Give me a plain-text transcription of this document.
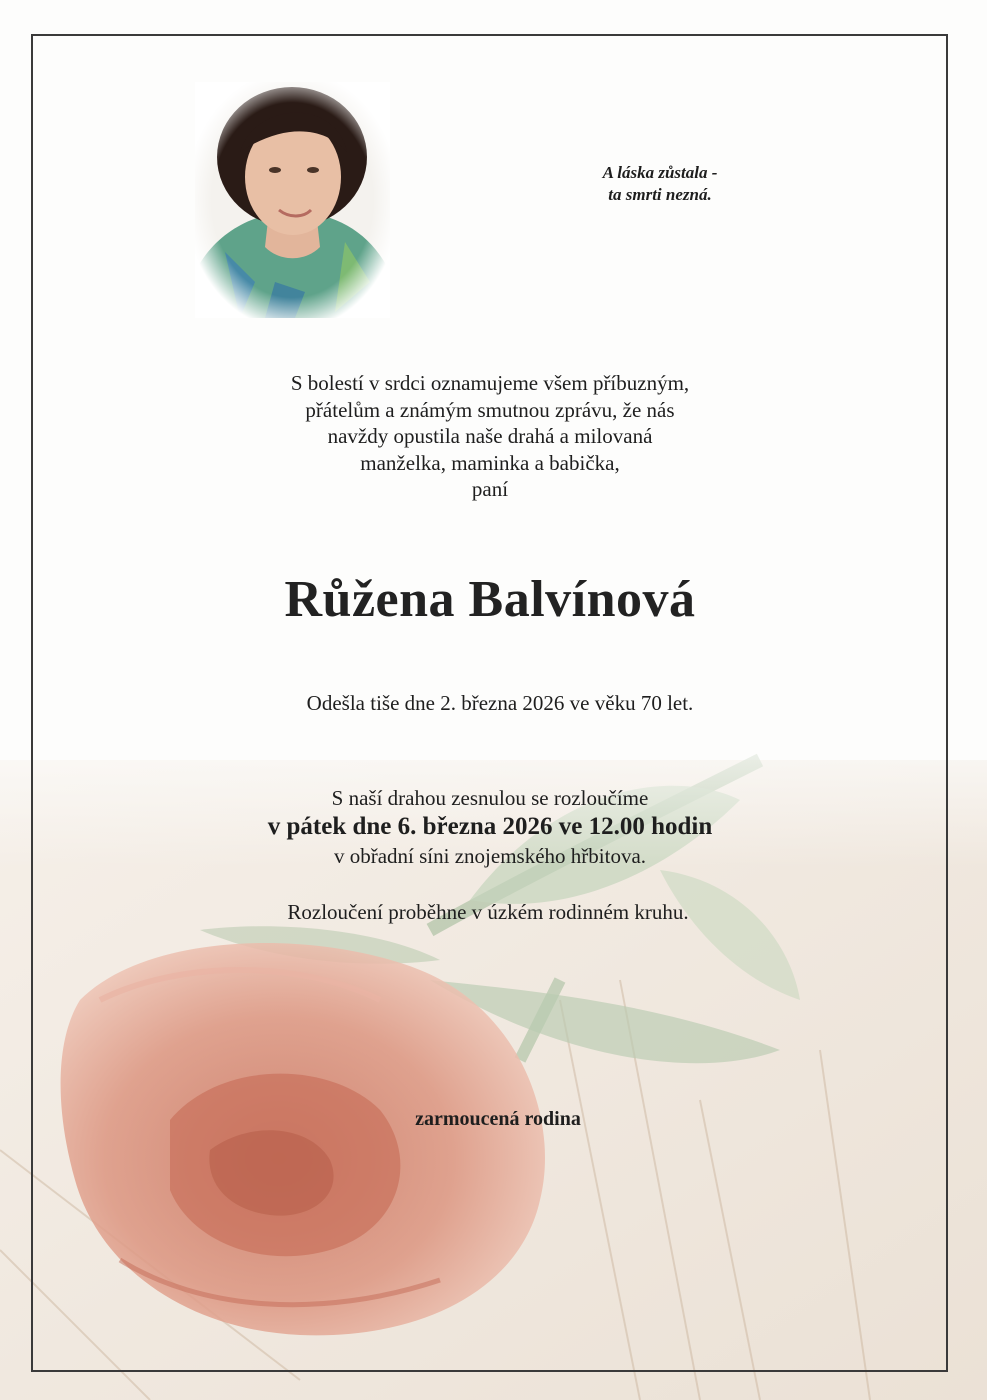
A láska zůstala -
ta smrti nezná.
S bolestí v srdci oznamujeme všem příbuzným,
přátelům a známým smutnou zprávu, že nás
navždy opustila naše drahá a milovaná
manželka, maminka a babička,
paní
Růžena Balvínová
Odešla tiše dne 2. března 2026 ve věku 70 let.
S naší drahou zesnulou se rozloučíme
v pátek dne 6. března 2026 ve 12.00 hodin
v obřadní síni znojemského hřbitova.
Rozloučení proběhne v úzkém rodinném kruhu.
zarmoucená rodina
